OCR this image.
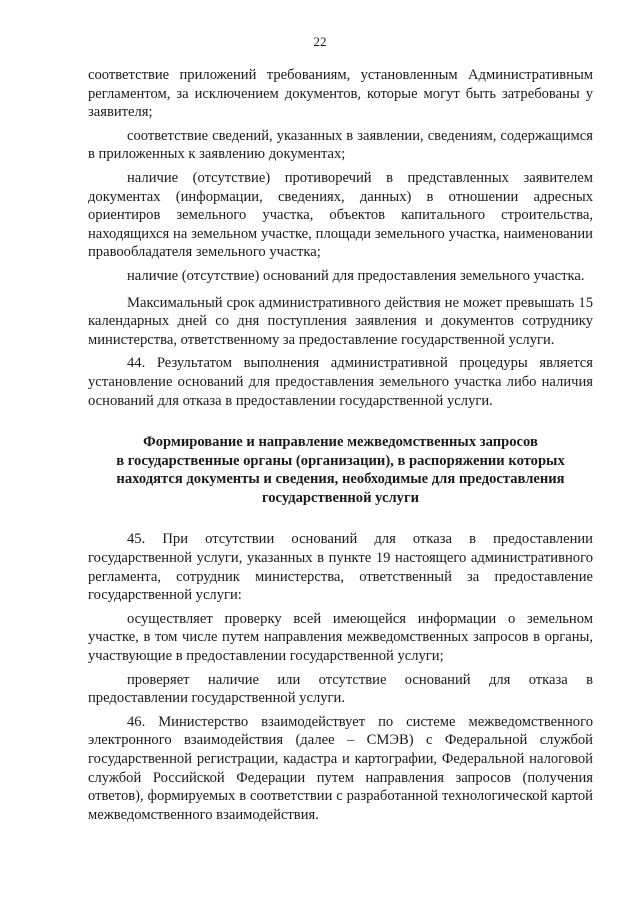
22

соответствие приложений требованиям, установленным Административным регламентом, за исключением документов, которые могут быть затребованы у заявителя;

соответствие сведений, указанных в заявлении, сведениям, содержащимся в приложенных к заявлению документах;

наличие (отсутствие) противоречий в представленных заявителем документах (информации, сведениях, данных) в отношении адресных ориентиров земельного участка, объектов капитального строительства, находящихся на земельном участке, площади земельного участка, наименовании правообладателя земельного участка;

наличие (отсутствие) оснований для предоставления земельного участка.

Максимальный срок административного действия не может превышать 15 календарных дней со дня поступления заявления и документов сотруднику министерства, ответственному за предоставление государственной услуги.

44. Результатом выполнения административной процедуры является установление оснований для предоставления земельного участка либо наличия оснований для отказа в предоставлении государственной услуги.

Формирование и направление межведомственных запросов
в государственные органы (организации), в распоряжении которых
находятся документы и сведения, необходимые для предоставления
государственной услуги

45. При отсутствии оснований для отказа в предоставлении государственной услуги, указанных в пункте 19 настоящего административного регламента, сотрудник министерства, ответственный за предоставление государственной услуги:

осуществляет проверку всей имеющейся информации о земельном участке, в том числе путем направления межведомственных запросов в органы, участвующие в предоставлении государственной услуги;

проверяет наличие или отсутствие оснований для отказа в предоставлении государственной услуги.

46. Министерство взаимодействует по системе межведомственного электронного взаимодействия (далее – СМЭВ) с Федеральной службой государственной регистрации, кадастра и картографии, Федеральной налоговой службой Российской Федерации путем направления запросов (получения ответов), формируемых в соответствии с разработанной технологической картой межведомственного взаимодействия.
